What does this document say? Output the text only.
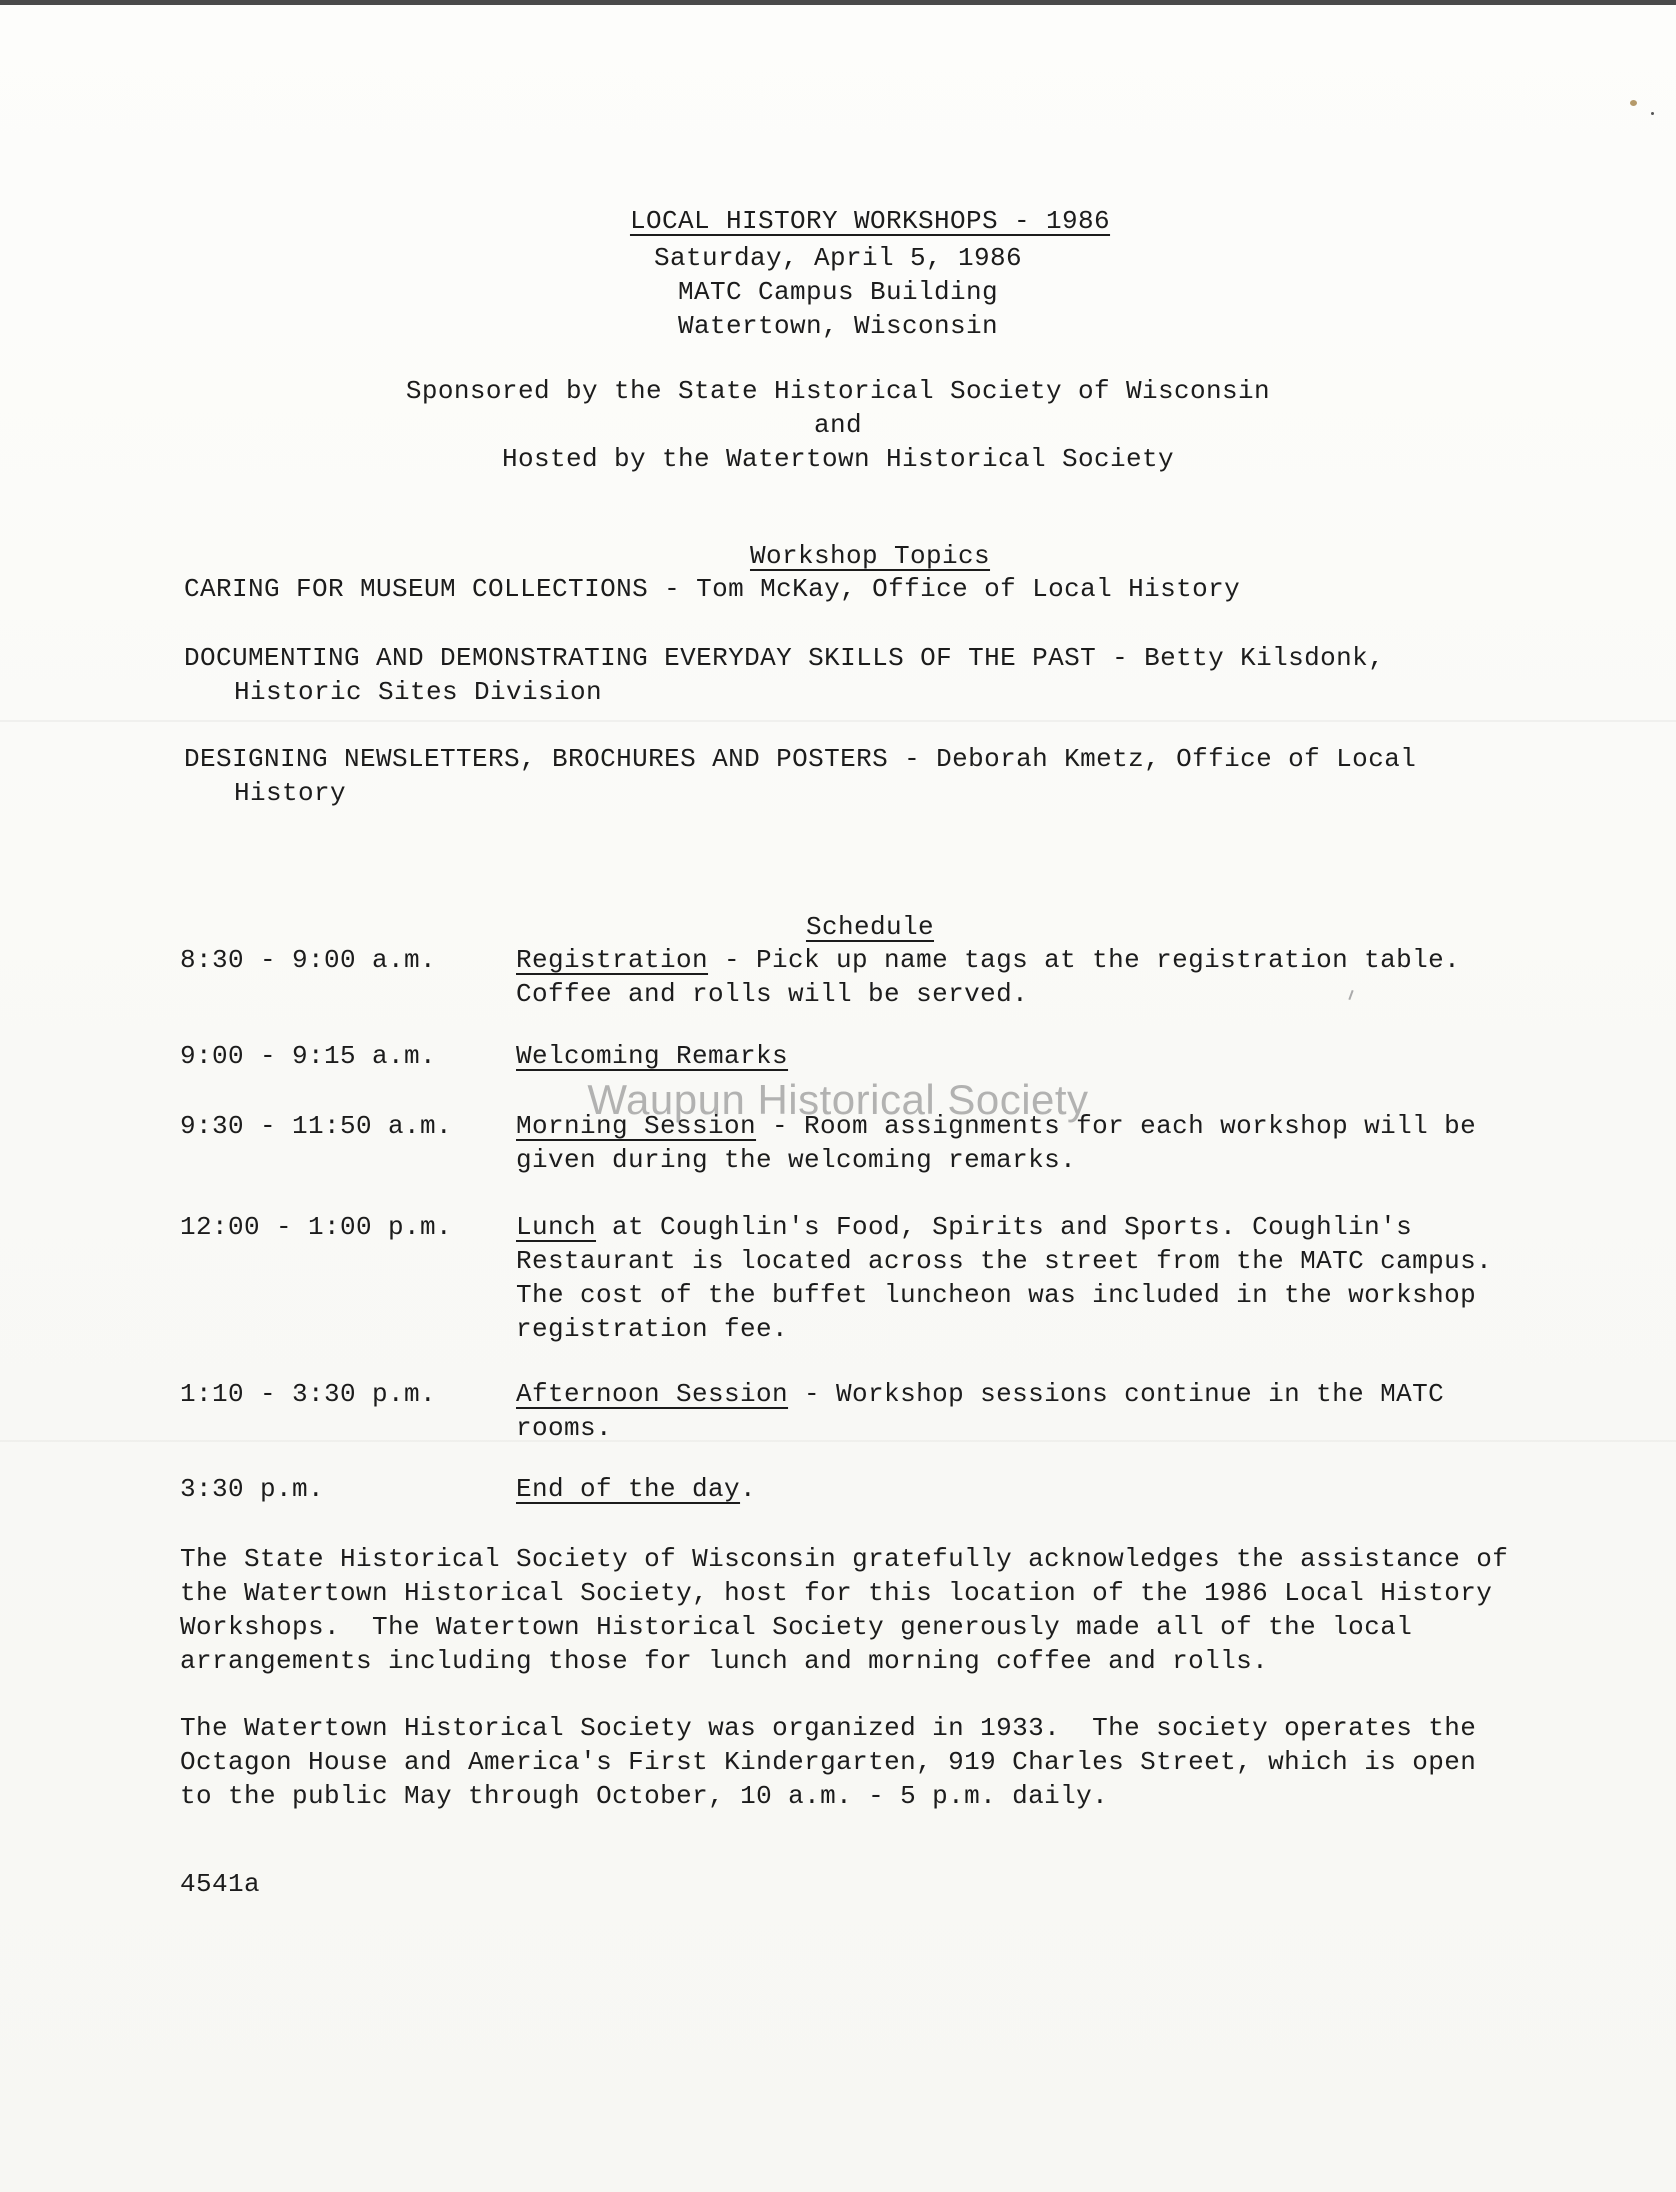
LOCAL HISTORY WORKSHOPS - 1986

Saturday, April 5, 1986
MATC Campus Building
Watertown, Wisconsin
Sponsored by the State Historical Society of Wisconsin
and
Hosted by the Watertown Historical Society

Workshop Topics

CARING FOR MUSEUM COLLECTIONS - Tom McKay, Office of Local History
DOCUMENTING AND DEMONSTRATING EVERYDAY SKILLS OF THE PAST - Betty Kilsdonk,
Historic Sites Division
DESIGNING NEWSLETTERS, BROCHURES AND POSTERS - Deborah Kmetz, Office of Local
History

Schedule

8:30 - 9:00 a.m.	Registration - Pick up name tags at the registration table. Coffee and rolls will be served.
9:00 - 9:15 a.m.	Welcoming Remarks
9:30 - 11:50 a.m. Morning Session - Room assignments for each workshop will be given during the welcoming remarks.
12:00 - 1:00 p.m. Lunch at Coughlin's Food, Spirits and Sports. Coughlin's Restaurant is located across the street from the MATC campus. The cost of the buffet luncheon was included in the workshop registration fee.
1:10 - 3:30 p.m.	Afternoon Session - Workshop sessions continue in the MATC rooms.
3:30 p.m.	End of the day.
The State Historical Society of Wisconsin gratefully acknowledges the assistance of
the Watertown Historical Society, host for this location of the 1986 Local History
Workshops.  The Watertown Historical Society generously made all of the local
arrangements including those for lunch and morning coffee and rolls.
The Watertown Historical Society was organized in 1933.  The society operates the
Octagon House and America's First Kindergarten, 919 Charles Street, which is open
to the public May through October, 10 a.m. - 5 p.m. daily.
4541a
Waupun Historical Society
